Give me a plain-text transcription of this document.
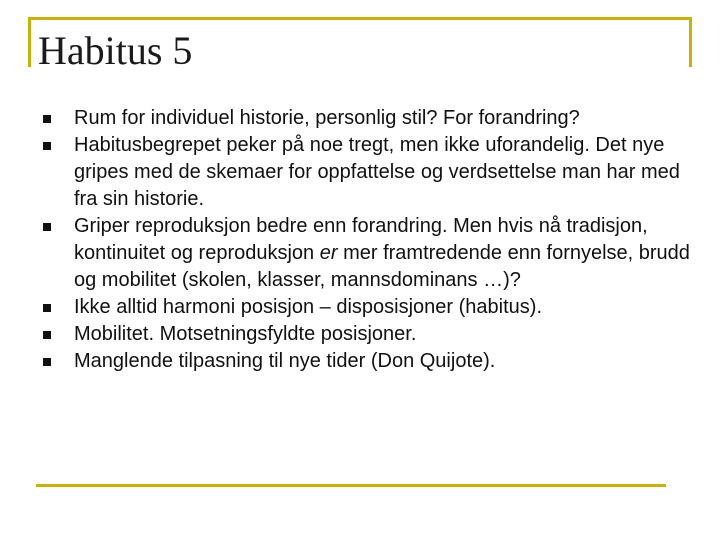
Habitus 5
Rum for individuel historie, personlig stil? For forandring?
Habitusbegrepet peker på noe tregt, men ikke uforandelig. Det nye gripes med de skemaer for oppfattelse og verdsettelse man har med fra sin historie.
Griper reproduksjon bedre enn forandring. Men hvis nå tradisjon, kontinuitet og reproduksjon er mer framtredende enn fornyelse, brudd og mobilitet (skolen, klasser, mannsdominans …)?
Ikke alltid harmoni posisjon – disposisjoner (habitus).
Mobilitet. Motsetningsfyldte posisjoner.
Manglende tilpasning til nye tider (Don Quijote).
